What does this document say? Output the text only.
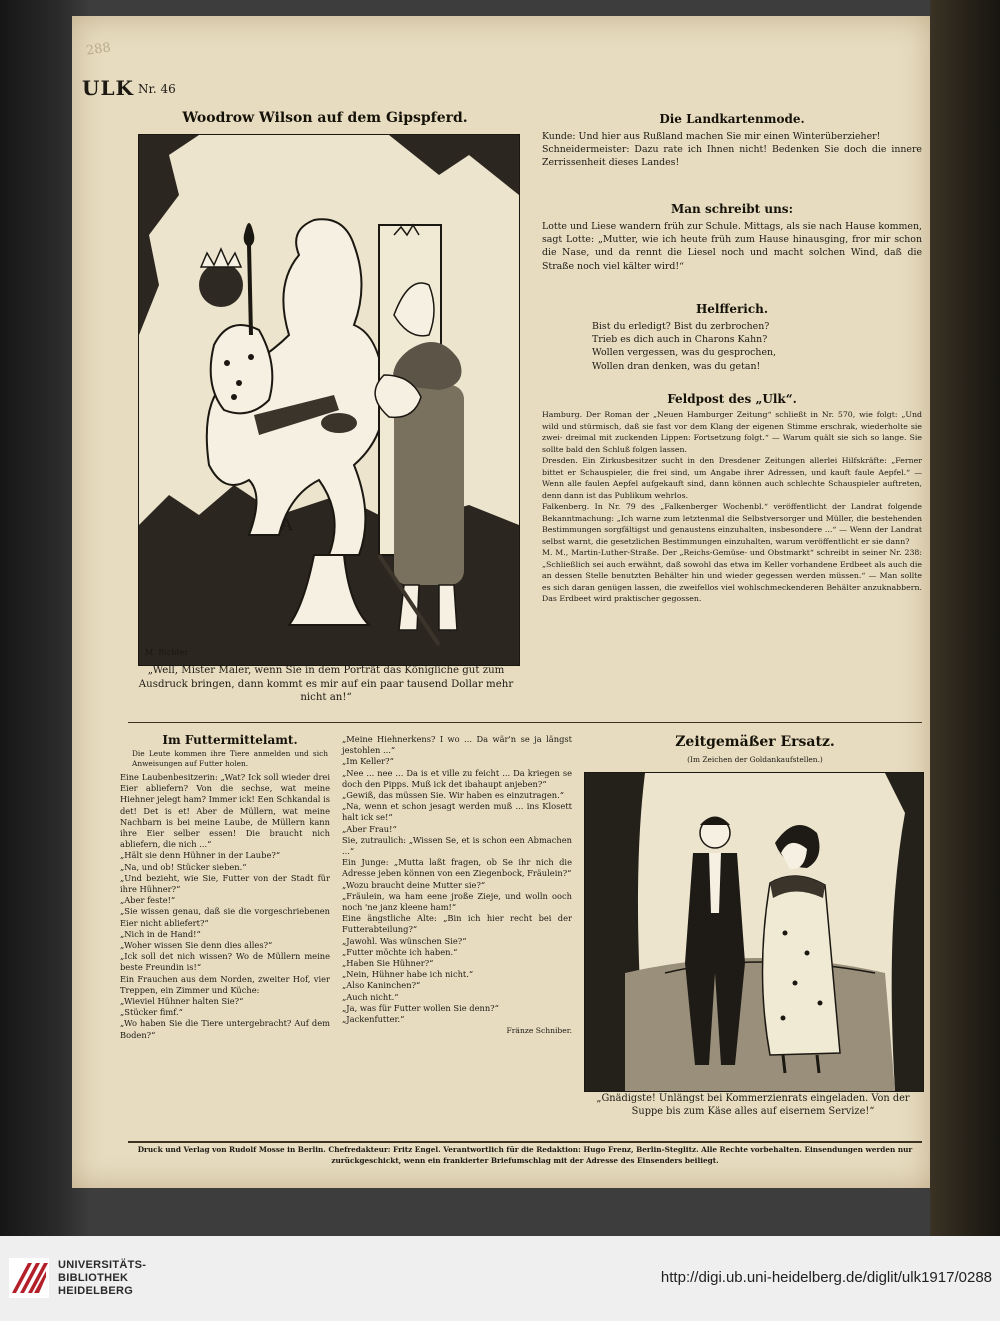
ULK Nr. 46
288
Woodrow Wilson auf dem Gipspferd.
A
M. Richter
„Well, Mister Maler, wenn Sie in dem Porträt das Königliche gut zum Ausdruck bringen, dann kommt es mir auf ein paar tausend Dollar mehr nicht an!“
Die Landkartenmode.

Kunde: Und hier aus Rußland machen Sie mir einen Winterüberzieher!

Schneidermeister: Dazu rate ich Ihnen nicht! Bedenken Sie doch die innere Zerrissenheit dieses Landes!

Man schreibt uns:
Lotte und Liese wandern früh zur Schule. Mittags, als sie nach Hause kommen, sagt Lotte: „Mutter, wie ich heute früh zum Hause hinausging, fror mir schon die Nase, und da rennt die Liesel noch und macht solchen Wind, daß die Straße noch viel kälter wird!“
Helfferich.

Bist du erledigt? Bist du zerbrochen?

Trieb es dich auch in Charons Kahn?

Wollen vergessen, was du gesprochen,

Wollen dran denken, was du getan!

Feldpost des „Ulk“.

Hamburg. Der Roman der „Neuen Hamburger Zeitung“ schließt in Nr. 570, wie folgt: „Und wild und stürmisch, daß sie fast vor dem Klang der eigenen Stimme erschrak, wiederholte sie zwei- dreimal mit zuckenden Lippen: Fortsetzung folgt.“ — Warum quält sie sich so lange. Sie sollte bald den Schluß folgen lassen.

Dresden. Ein Zirkusbesitzer sucht in den Dresdener Zeitungen allerlei Hilfskräfte: „Ferner bittet er Schauspieler, die frei sind, um Angabe ihrer Adressen, und kauft faule Aepfel.“ — Wenn alle faulen Aepfel aufgekauft sind, dann können auch schlechte Schauspieler auftreten, denn dann ist das Publikum wehrlos.

Falkenberg. In Nr. 79 des „Falkenberger Wochenbl.“ veröffentlicht der Landrat folgende Bekanntmachung: „Ich warne zum letztenmal die Selbstversorger und Müller, die bestehenden Bestimmungen sorgfältigst und genaustens einzuhalten, insbesondere ...“ — Wenn der Landrat selbst warnt, die gesetzlichen Bestimmungen einzuhalten, warum veröffentlicht er sie dann?

M. M., Martin-Luther-Straße. Der „Reichs-Gemüse- und Obstmarkt“ schreibt in seiner Nr. 238: „Schließlich sei auch erwähnt, daß sowohl das etwa im Keller vorhandene Erdbeet als auch die an dessen Stelle benutzten Behälter hin und wieder gegessen werden müssen.“ — Man sollte es sich daran genügen lassen, die zweifellos viel wohlschmeckenderen Behälter anzuknabbern. Das Erdbeet wird praktischer gegossen.

Im Futtermittelamt.
Die Leute kommen ihre Tiere anmelden und sich Anweisungen auf Futter holen.

Eine Laubenbesitzerin: „Wat? Ick soll wieder drei Eier abliefern? Von die sechse, wat meine Hiehner jelegt ham? Immer ick! Een Schkandal is det! Det is et! Aber de Müllern, wat meine Nachbarn is bei meine Laube, de Müllern kann ihre Eier selber essen! Die braucht nich abliefern, die nich ...“

„Hält sie denn Hühner in der Laube?“

„Na, und ob! Stücker sieben.“

„Und bezieht, wie Sie, Futter von der Stadt für ihre Hühner?“

„Aber feste!“

„Sie wissen genau, daß sie die vorgeschriebenen Eier nicht abliefert?“

„Nich in de Hand!“

„Woher wissen Sie denn dies alles?“

„Ick soll det nich wissen? Wo de Müllern meine beste Freundin is!“

Ein Frauchen aus dem Norden, zweiter Hof, vier Treppen, ein Zimmer und Küche:

„Wieviel Hühner halten Sie?“

„Stücker fimf.“

„Wo haben Sie die Tiere untergebracht? Auf dem Boden?“

„Meine Hiehnerkens? I wo ... Da wär'n se ja längst jestohlen ...“

„Im Keller?“

„Nee ... nee ... Da is et ville zu feicht ... Da kriegen se doch den Pipps. Muß ick det ibahaupt anjeben?“

„Gewiß, das müssen Sie. Wir haben es einzutragen.“

„Na, wenn et schon jesagt werden muß ... ins Klosett halt ick se!“

„Aber Frau!“

Sie, zutraulich: „Wissen Se, et is schon een Abmachen ...“

Ein Junge: „Mutta laßt fragen, ob Se ihr nich die Adresse jeben können von een Ziegenbock, Fräulein?“

„Wozu braucht deine Mutter sie?“

„Fräulein, wa ham eene jroße Zieje, und wolln ooch noch 'ne janz kleene ham!“

Eine ängstliche Alte: „Bin ich hier recht bei der Futterabteilung?“

„Jawohl. Was wünschen Sie?“

„Futter möchte ich haben.“

„Haben Sie Hühner?“

„Nein, Hühner habe ich nicht.“

„Also Kaninchen?“

„Auch nicht.“

„Ja, was für Futter wollen Sie denn?“

„Jackenfutter.“

Fränze Schniber.

Zeitgemäßer Ersatz.
(Im Zeichen der Goldankaufstellen.)
„Gnädigste! Unlängst bei Kommerzienrats eingeladen. Von der Suppe bis zum Käse alles auf eisernem Servize!“
Druck und Verlag von Rudolf Mosse in Berlin. Chefredakteur: Fritz Engel. Verantwortlich für die Redaktion: Hugo Frenz, Berlin-Steglitz. Alle Rechte vorbehalten. Einsendungen werden nur zurückgeschickt, wenn ein frankierter Briefumschlag mit der Adresse des Einsenders beiliegt.
UNIVERSITÄTS-
BIBLIOTHEK
HEIDELBERG
http://digi.ub.uni-heidelberg.de/diglit/ulk1917/0288
